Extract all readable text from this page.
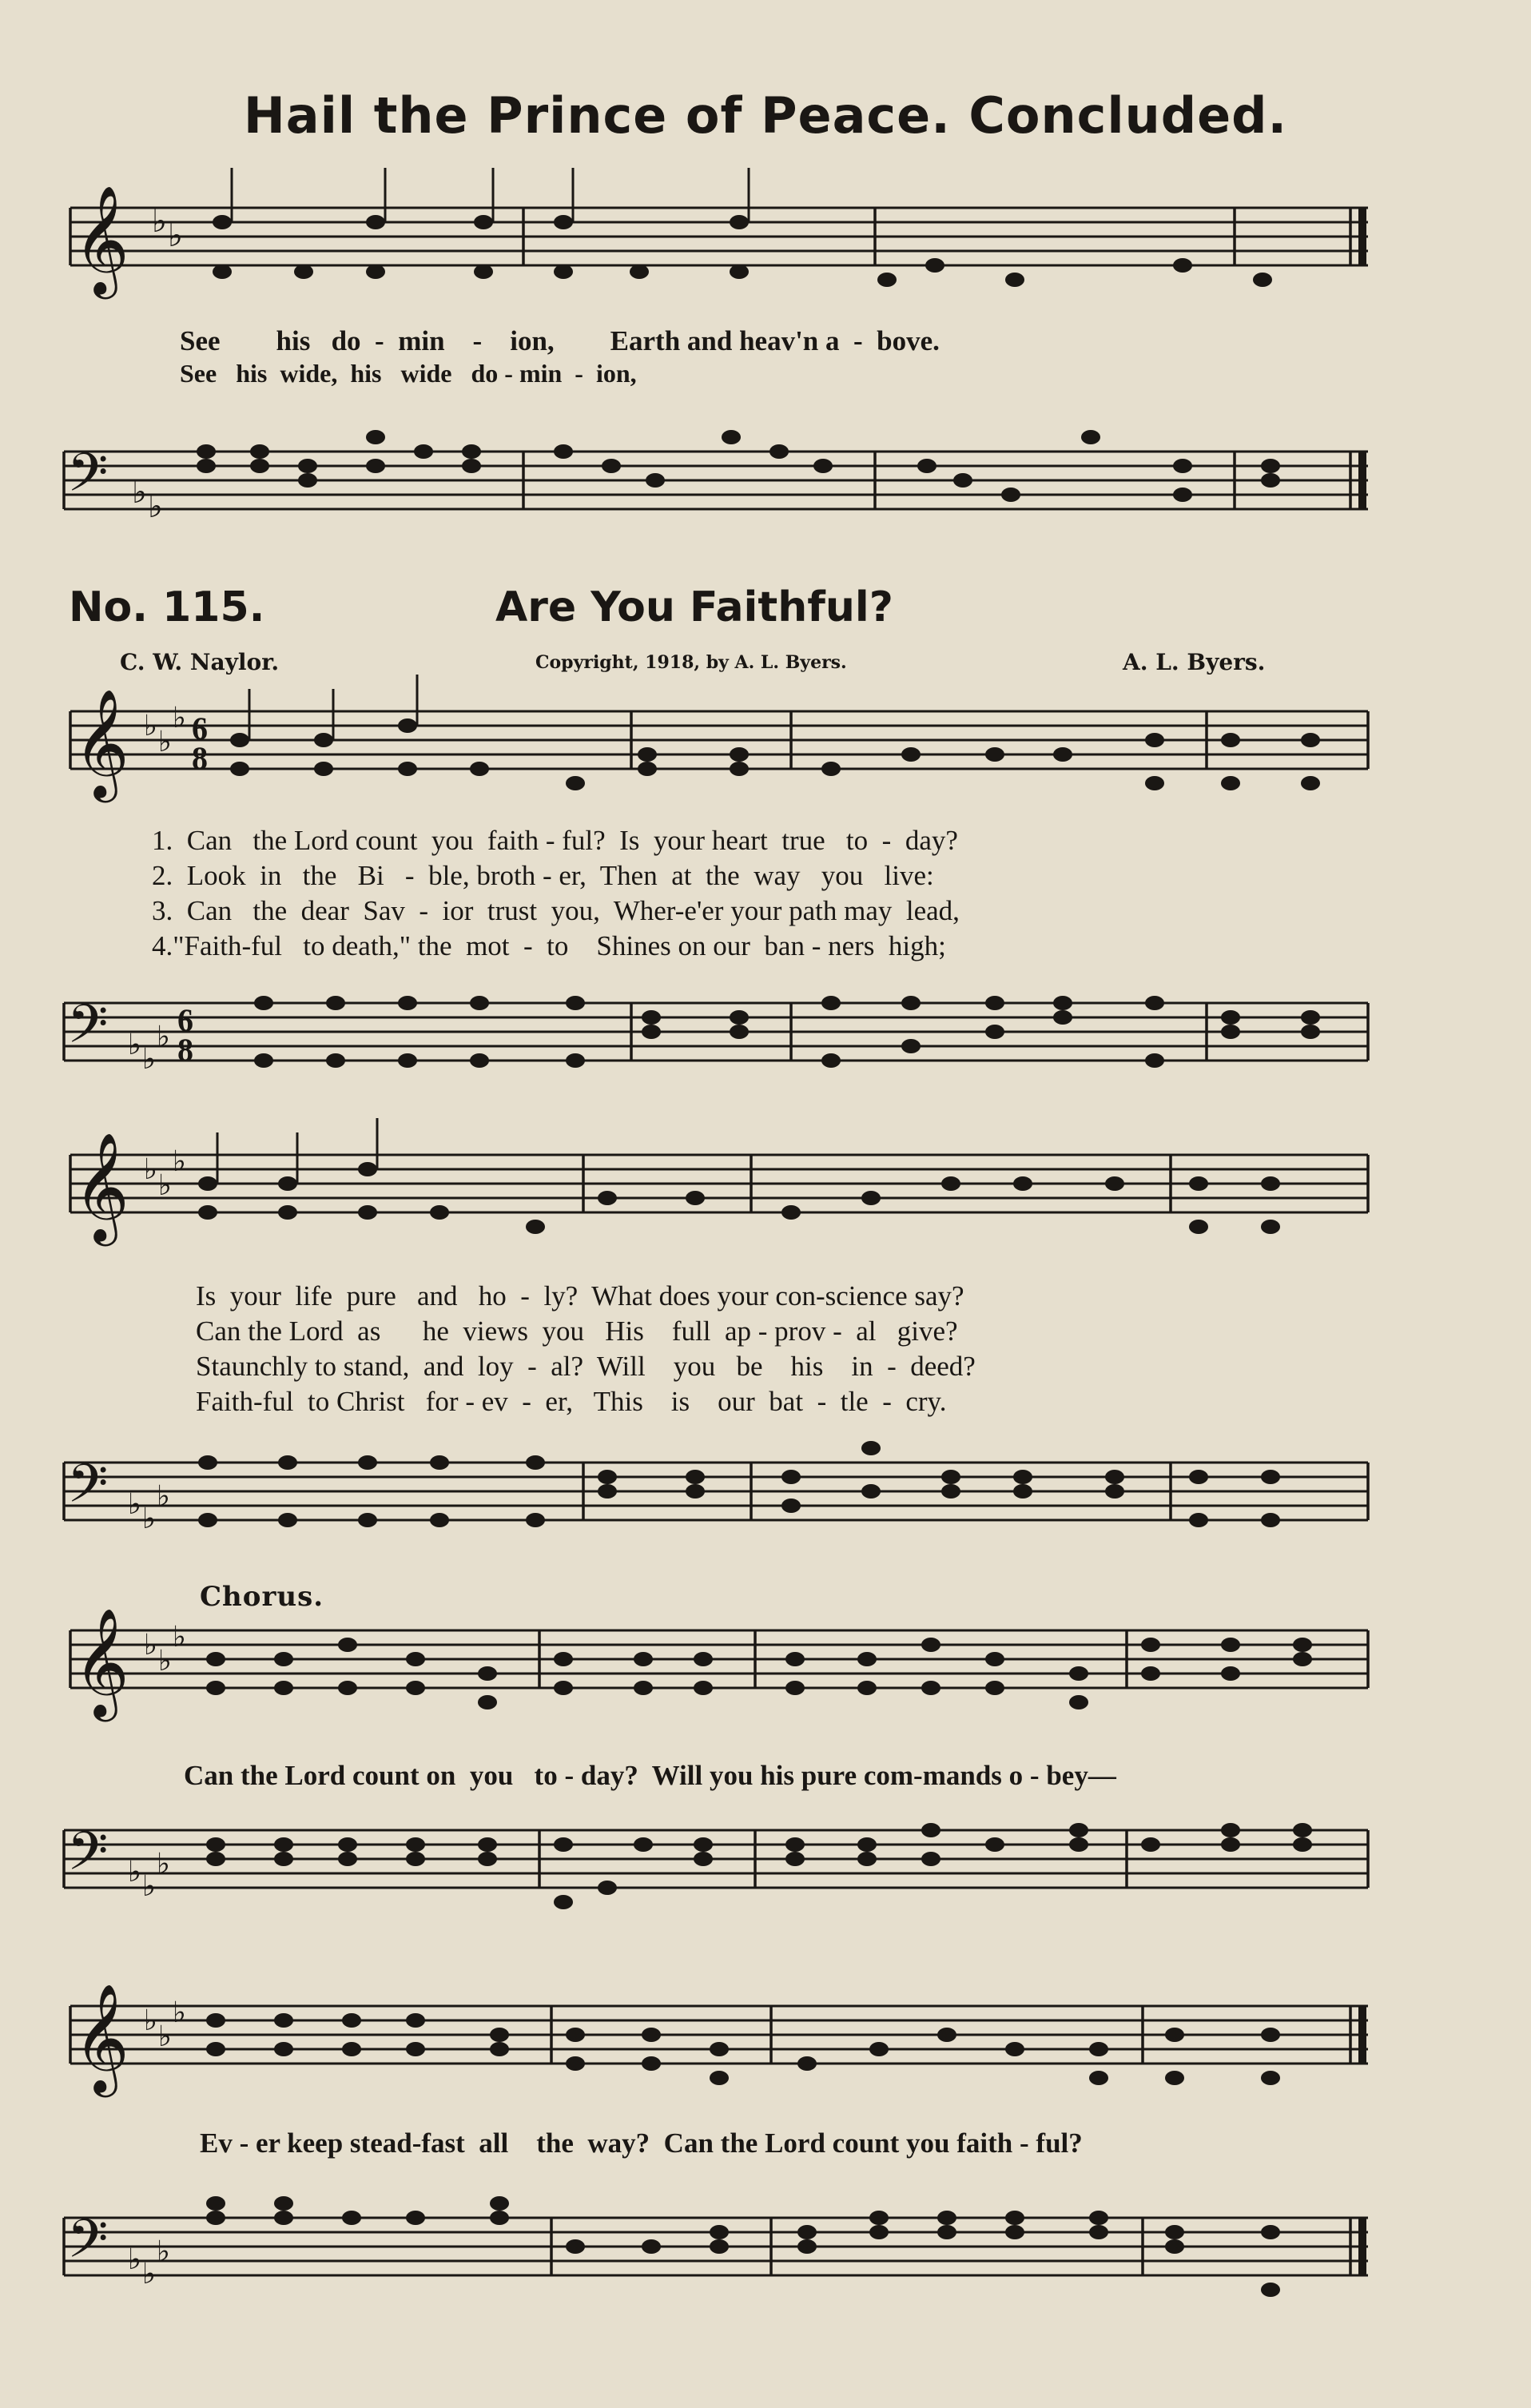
Hail the Prince of Peace. Concluded.
𝄞 ♭ ♭
See        his   do  -  min    -    ion,        Earth and heav'n a  -  bove.
See   his  wide,  his   wide   do - min  -  ion,
𝄢 ♭ ♭
No. 115.	Are You Faithful?
C. W. Naylor.	Copyright, 1918, by A. L. Byers.	A. L. Byers.
𝄞 ♭ ♭
♭ 6
8
1.  Can   the Lord count  you  faith - ful?  Is  your heart  true   to  -  day?
2.  Look  in   the   Bi   -  ble, broth - er,  Then  at  the  way   you   live:
3.  Can   the  dear  Sav  -  ior  trust  you,  Wher-e'er your path may  lead,
4."Faith-ful   to death," the  mot  -  to    Shines on our  ban - ners  high;
𝄢 ♭ ♭
♭ 6
8
𝄞 ♭ ♭
♭
Is  your  life  pure   and   ho  -  ly?  What does your con-science say?
Can the Lord  as      he  views  you   His    full  ap - prov -  al   give?
Staunchly to stand,  and  loy  -  al?  Will    you   be    his    in  -  deed?
Faith-ful  to Christ   for - ev  -  er,   This    is    our  bat  -  tle  -  cry.
𝄢 ♭ ♭
♭
Chorus.
𝄞 ♭ ♭
♭
Can the Lord count on  you   to - day?  Will you his pure com-mands o - bey—
𝄢 ♭ ♭
♭
𝄞 ♭ ♭
♭
Ev - er keep stead-fast  all    the  way?  Can the Lord count you faith - ful?
𝄢 ♭ ♭
♭
